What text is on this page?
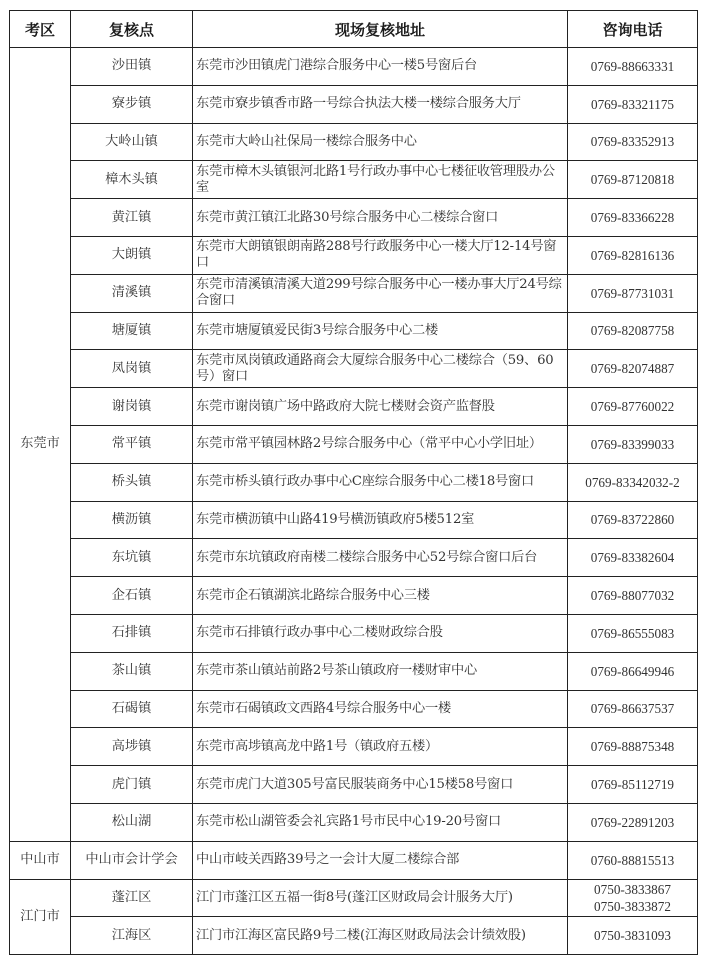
考区	复核点	现场复核地址	咨询电话
东莞市	沙田镇	东莞市沙田镇虎门港综合服务中心一楼5号窗后台	0769-88663331

	寮步镇	东莞市寮步镇香市路一号综合执法大楼一楼综合服务大厅	0769-83321175

	大岭山镇	东莞市大岭山社保局一楼综合服务中心	0769-83352913

	樟木头镇	东莞市樟木头镇银河北路1号行政办事中心七楼征收管理股办公室	0769-87120818

	黄江镇	东莞市黄江镇江北路30号综合服务中心二楼综合窗口	0769-83366228

	大朗镇	东莞市大朗镇银朗南路288号行政服务中心一楼大厅12-14号窗口	0769-82816136

	清溪镇	东莞市清溪镇清溪大道299号综合服务中心一楼办事大厅24号综合窗口	0769-87731031

	塘厦镇	东莞市塘厦镇爱民街3号综合服务中心二楼	0769-82087758

	凤岗镇	东莞市凤岗镇政通路商会大厦综合服务中心二楼综合（59、60号）窗口	0769-82074887

	谢岗镇	东莞市谢岗镇广场中路政府大院七楼财会资产监督股	0769-87760022

	常平镇	东莞市常平镇园林路2号综合服务中心（常平中心小学旧址）	0769-83399033

	桥头镇	东莞市桥头镇行政办事中心C座综合服务中心二楼18号窗口	0769-83342032-2

	横沥镇	东莞市横沥镇中山路419号横沥镇政府5楼512室	0769-83722860

	东坑镇	东莞市东坑镇政府南楼二楼综合服务中心52号综合窗口后台	0769-83382604

	企石镇	东莞市企石镇湖滨北路综合服务中心三楼	0769-88077032

	石排镇	东莞市石排镇行政办事中心二楼财政综合股	0769-86555083

	茶山镇	东莞市茶山镇站前路2号茶山镇政府一楼财审中心	0769-86649946

	石碣镇	东莞市石碣镇政文西路4号综合服务中心一楼	0769-86637537

	高埗镇	东莞市高埗镇高龙中路1号（镇政府五楼）	0769-88875348

	虎门镇	东莞市虎门大道305号富民服装商务中心15楼58号窗口	0769-85112719

	松山湖	东莞市松山湖管委会礼宾路1号市民中心19-20号窗口	0769-22891203

中山市	中山市会计学会	中山市岐关西路39号之一会计大厦二楼综合部	0760-88815513

江门市	蓬江区	江门市蓬江区五福一街8号(蓬江区财政局会计服务大厅)	0750-3833867
0750-3833872

	江海区	江门市江海区富民路9号二楼(江海区财政局法会计绩效股)	0750-3831093
